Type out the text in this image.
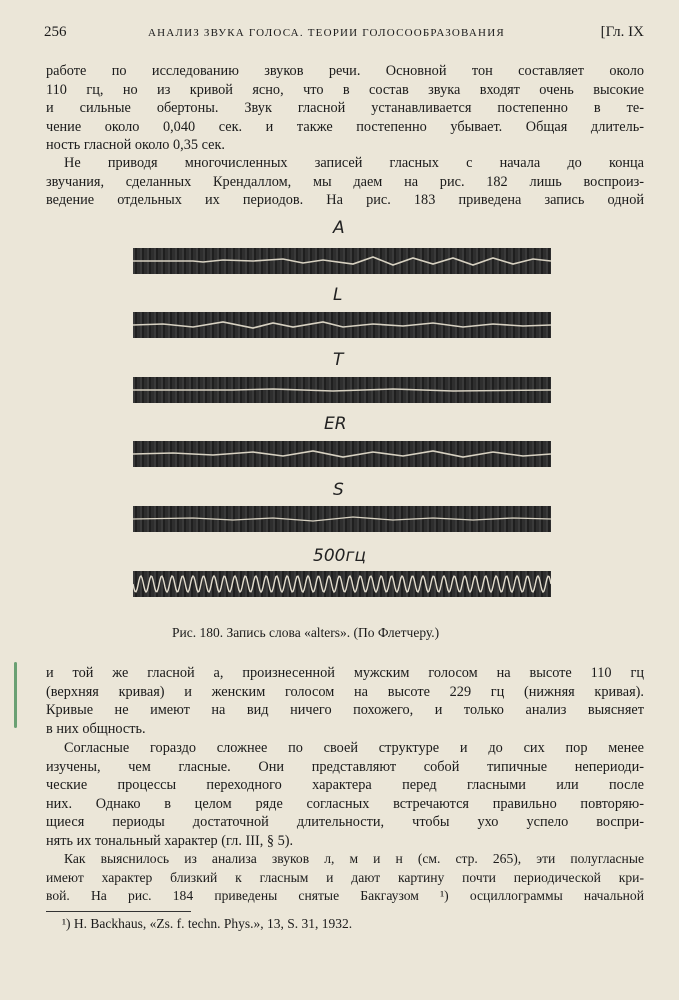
256	АНАЛИЗ ЗВУКА ГОЛОСА. ТЕОРИИ ГОЛОСООБРАЗОВАНИЯ	[Гл. IX
работе по исследованию звуков речи. Основной тон составляет около
110 гц, но из кривой ясно, что в состав звука входят очень высокие
и сильные обертоны. Звук гласной устанавливается постепенно в те-
чение около 0,040 сек. и также постепенно убывает. Общая длитель-
ность гласной около 0,35 сек.
Не приводя многочисленных записей гласных с начала до конца
звучания, сделанных Крендаллом, мы даем на рис. 182 лишь воспроиз-
ведение отдельных их периодов. На рис. 183 приведена запись одной
A
L
T
ER
S
500гц
Рис. 180. Запись слова «alters». (По Флетчеру.)
и той же гласной а, произнесенной мужским голосом на высоте 110 гц
(верхняя кривая) и женским голосом на высоте 229 гц (нижняя кривая).
Кривые не имеют на вид ничего похожего, и только анализ выясняет
в них общность.
Согласные гораздо сложнее по своей структуре и до сих пор менее
изучены, чем гласные. Они представляют собой типичные непериоди-
ческие процессы переходного характера перед гласными или после
них. Однако в целом ряде согласных встречаются правильно повторяю-
щиеся периоды достаточной длительности, чтобы ухо успело воспри-
нять их тональный характер (гл. III, § 5).
Как выяснилось из анализа звуков л, м и н (см. стр. 265), эти полугласные
имеют характер близкий к гласным и дают картину почти периодической кри-
вой. На рис. 184 приведены снятые Бакгаузом ¹) осциллограммы начальной
¹) H. Backhaus, «Zs. f. techn. Phys.», 13, S. 31, 1932.
